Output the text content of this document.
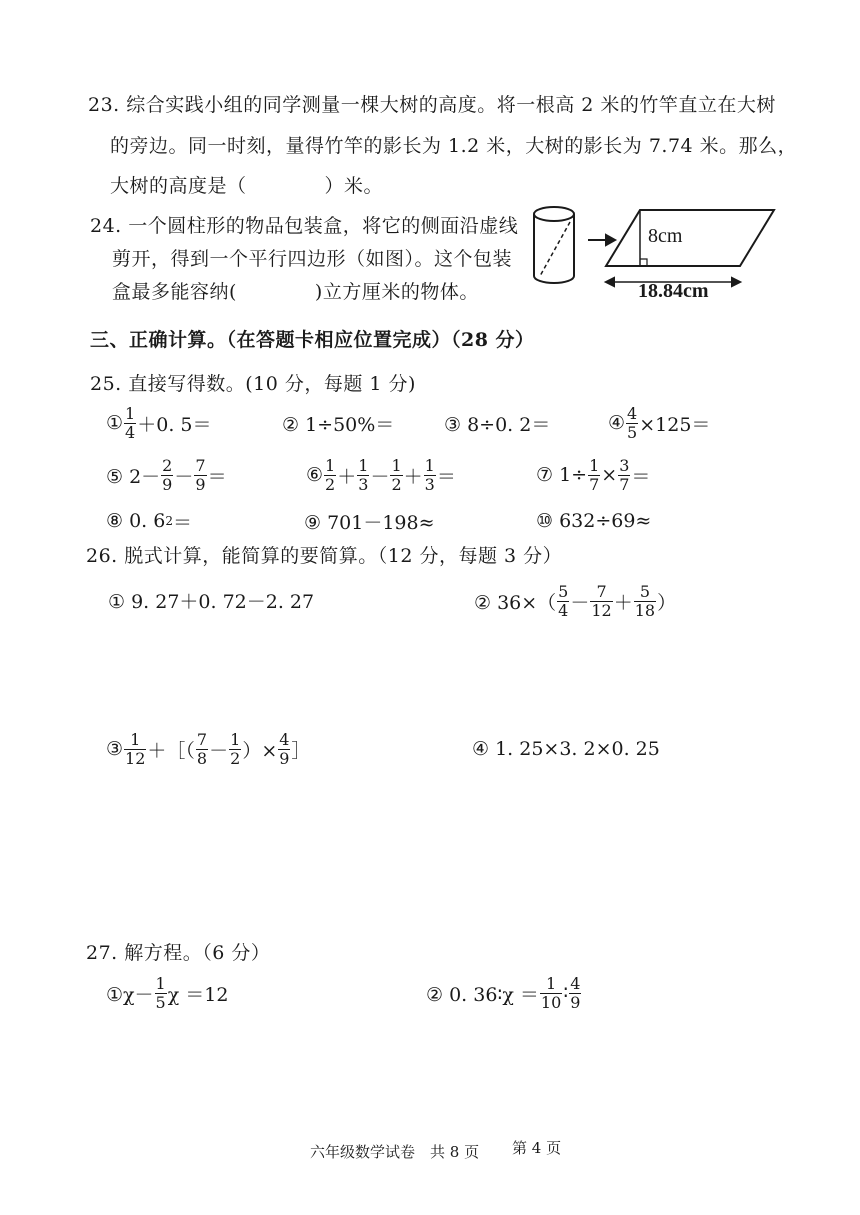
23. 综合实践小组的同学测量一棵大树的高度。将一根高 2 米的竹竿直立在大树
的旁边。同一时刻，量得竹竿的影长为 1.2 米，大树的影长为 7.74 米。那么，
大树的高度是（　　　　）米。
24. 一个圆柱形的物品包装盒，将它的侧面沿虚线
剪开，得到一个平行四边形（如图）。这个包装
盒最多能容纳(　　　　)立方厘米的物体。
8cm
18.84cm
三、正确计算。（在答题卡相应位置完成）（28 分）
25. 直接写得数。(10 分，每题 1 分)
① $\frac{1}{4} +0$. 5＝	② 1÷50%＝	③ 8÷0. 2＝	④ $\frac{4}{5} \times 125=$
⑤ $2- \frac{2}{9} - \frac{7}{9}$ ＝	⑥ $\frac{1}{2} + \frac{1}{3} - \frac{1}{2} + \frac{1}{3}$ ＝	⑦ $1\div \frac{1}{7} \times \frac{3}{7}$ ＝
⑧ 0. 6 2 ＝	⑨ 701－198≈	⑩ 632÷69≈
26. 脱式计算，能简算的要简算。（12 分，每题 3 分）
① 9. 27＋0. 72－2. 27	② $36\times( \frac{5}{4} - \frac{7}{12} + \frac{5}{18}$ ）
③ $\frac{1}{12}$ ＋［（ $\frac{7}{8} - \frac{1}{2}$ ）× $\frac{4}{9}$ ］	④ 1. 25×3. 2×0. 25
27. 解方程。（6 分）
①χ－ $\frac{1}{5}$ χ ＝12	② 0. 36∶χ ＝ $\frac{1}{10}$ ∶ $\frac{4}{9}$
六年级数学试卷　共 8 页 第 4 页
